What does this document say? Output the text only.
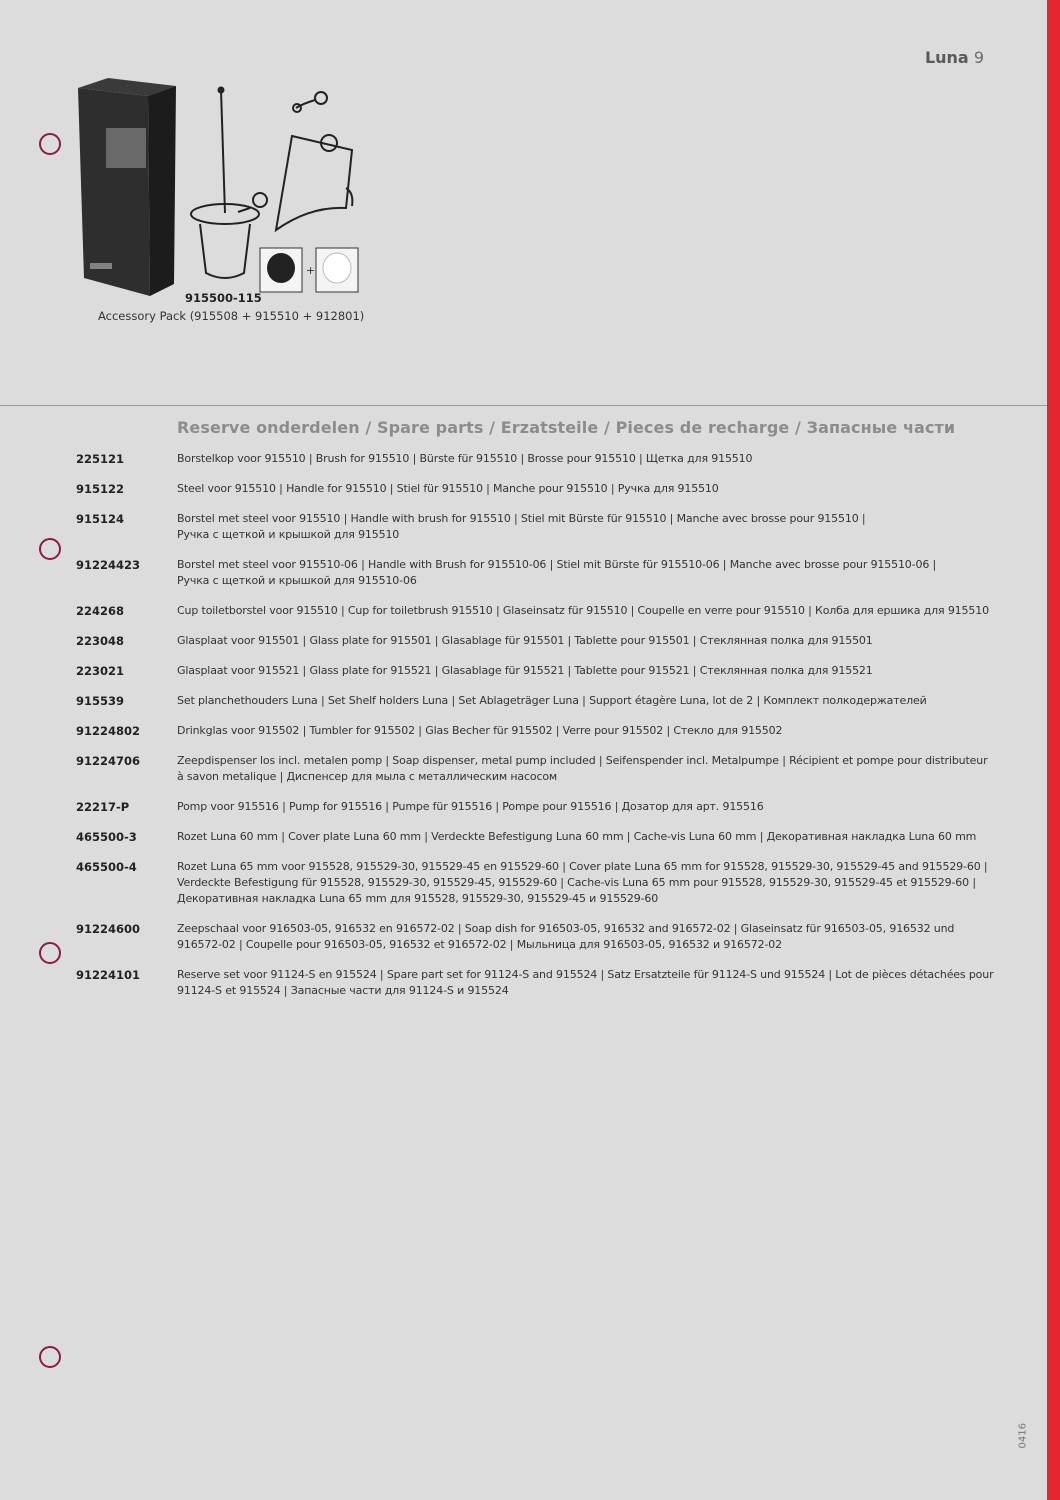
Luna 9
+
915500-115
Accessory Pack (915508 + 915510 + 912801)
Reserve onderdelen / Spare parts / Erzatsteile / Pieces de recharge / Запасные части
225121	Borstelkop voor 915510 | Brush for 915510 | Bürste für 915510 | Brosse pour 915510 | Щетка для 915510
915122	Steel voor 915510 | Handle for 915510 | Stiel für 915510 | Manche pour 915510 | Ручка для 915510
915124	Borstel met steel voor 915510 | Handle with brush for 915510 | Stiel mit Bürste für 915510 | Manche avec brosse pour 915510 |
Ручка с щеткой и крышкой для 915510
91224423	Borstel met steel voor 915510-06 | Handle with Brush for 915510-06 | Stiel mit Bürste für 915510-06 | Manche avec brosse pour 915510-06 |
Ручка с щеткой и крышкой для 915510-06
224268	Cup toiletborstel voor 915510 | Cup for toiletbrush 915510 | Glaseinsatz für 915510 | Coupelle en verre pour 915510 | Колба для ершика для 915510
223048	Glasplaat voor 915501 | Glass plate for 915501 | Glasablage für 915501 | Tablette pour 915501 | Стеклянная полка для 915501
223021	Glasplaat voor 915521 | Glass plate for 915521 | Glasablage für 915521 | Tablette pour 915521 | Стеклянная полка для 915521
915539	Set planchethouders Luna | Set Shelf holders Luna | Set Ablageträger Luna | Support étagère Luna, lot de 2 | Комплект полкодержателей
91224802	Drinkglas voor 915502 | Tumbler for 915502 | Glas Becher für 915502 | Verre pour 915502 | Стекло для 915502
91224706	Zeepdispenser los incl. metalen pomp | Soap dispenser, metal pump included | Seifenspender incl. Metalpumpe | Récipient et pompe pour distributeur
à savon metalique | Диспенсер для мыла с металлическим насосом
22217-P	Pomp voor 915516 | Pump for 915516 | Pumpe für 915516 | Pompe pour 915516 | Дозатор для арт. 915516
465500-3	Rozet Luna 60 mm | Cover plate Luna 60 mm | Verdeckte Befestigung Luna 60 mm | Cache-vis Luna 60 mm | Декоративная накладка Luna 60 mm
465500-4	Rozet Luna 65 mm voor 915528, 915529-30, 915529-45 en 915529-60 | Cover plate Luna 65 mm for 915528, 915529-30, 915529-45 and 915529-60 |
Verdeckte Befestigung für 915528, 915529-30, 915529-45, 915529-60 | Cache-vis Luna 65 mm pour 915528, 915529-30, 915529-45 et 915529-60 |
Декоративная накладка Luna 65 mm для 915528, 915529-30, 915529-45 и 915529-60
91224600	Zeepschaal voor 916503-05, 916532 en 916572-02 | Soap dish for 916503-05, 916532 and 916572-02 | Glaseinsatz für 916503-05, 916532 und
916572-02 | Coupelle pour 916503-05, 916532 et 916572-02 | Мыльница для 916503-05, 916532 и 916572-02
91224101	Reserve set voor 91124-S en 915524 | Spare part set for 91124-S and 915524 | Satz Ersatzteile für 91124-S und 915524 | Lot de pièces détachées pour
91124-S et 915524 | Запасные части для 91124-S и 915524
0416
